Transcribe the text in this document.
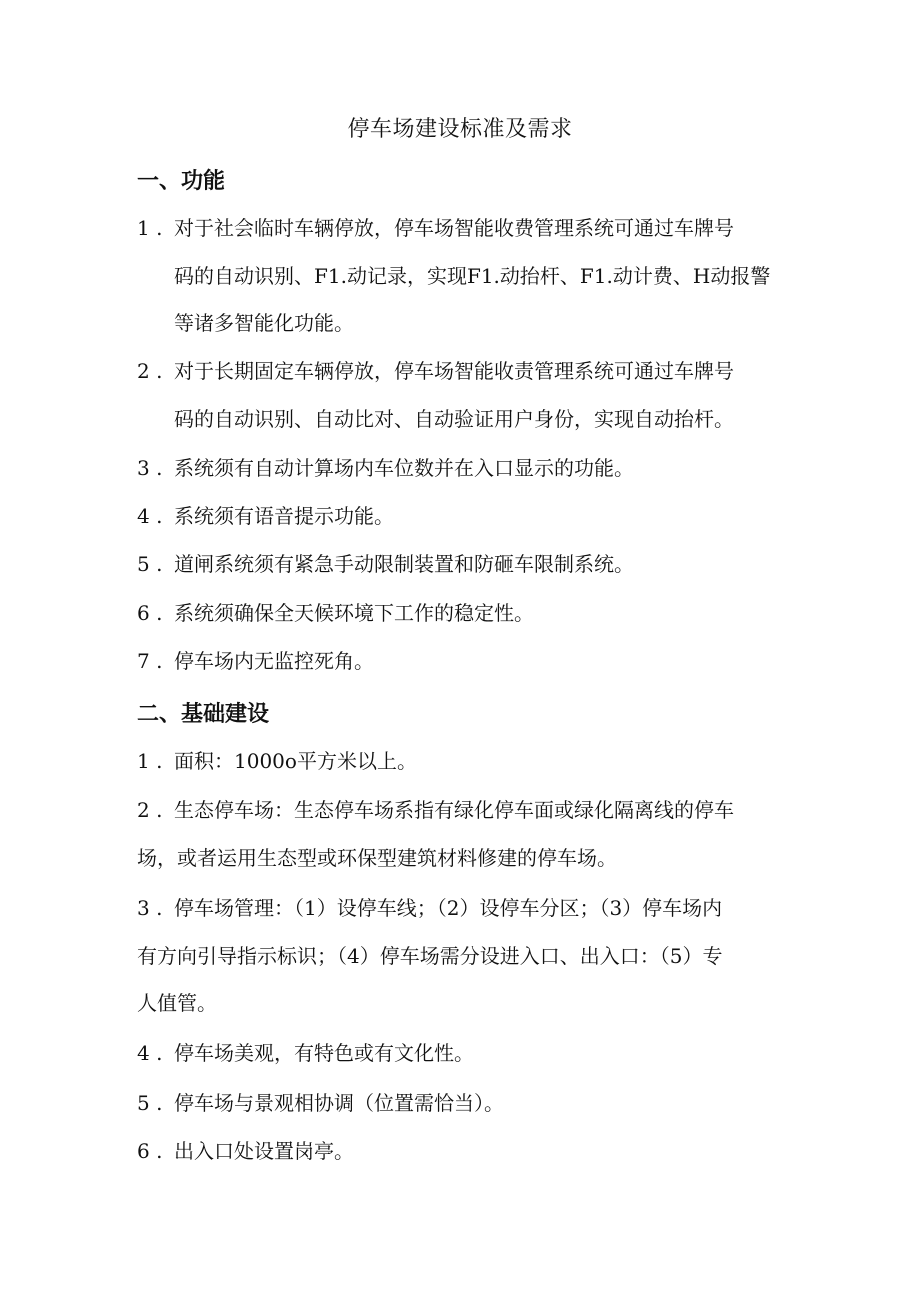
停车场建设标准及需求
一、功能
1 . 对于社会临时车辆停放，停车场智能收费管理系统可通过车牌号
码的自动识别、F1.动记录，实现F1.动抬杆、F1.动计费、H动报警
等诸多智能化功能。
2 . 对于长期固定车辆停放，停车场智能收责管理系统可通过车牌号
码的自动识别、自动比对、自动验证用户身份，实现自动抬杆。
3 . 系统须有自动计算场内车位数并在入口显示的功能。
4 . 系统须有语音提示功能。
5 . 道闸系统须有紧急手动限制装置和防砸车限制系统。
6 . 系统须确保全天候环境下工作的稳定性。
7 . 停车场内无监控死角。
二、基础建设
1 . 面积：1000o平方米以上。
2 . 生态停车场：生态停车场系指有绿化停车面或绿化隔离线的停车
场，或者运用生态型或环保型建筑材料修建的停车场。
3 . 停车场管理：（1）设停车线；（2）设停车分区；（3）停车场内
有方向引导指示标识；（4）停车场需分设进入口、出入口：（5）专
人值管。
4 . 停车场美观，有特色或有文化性。
5 . 停车场与景观相协调（位置需恰当）。
6 . 出入口处设置岗亭。
